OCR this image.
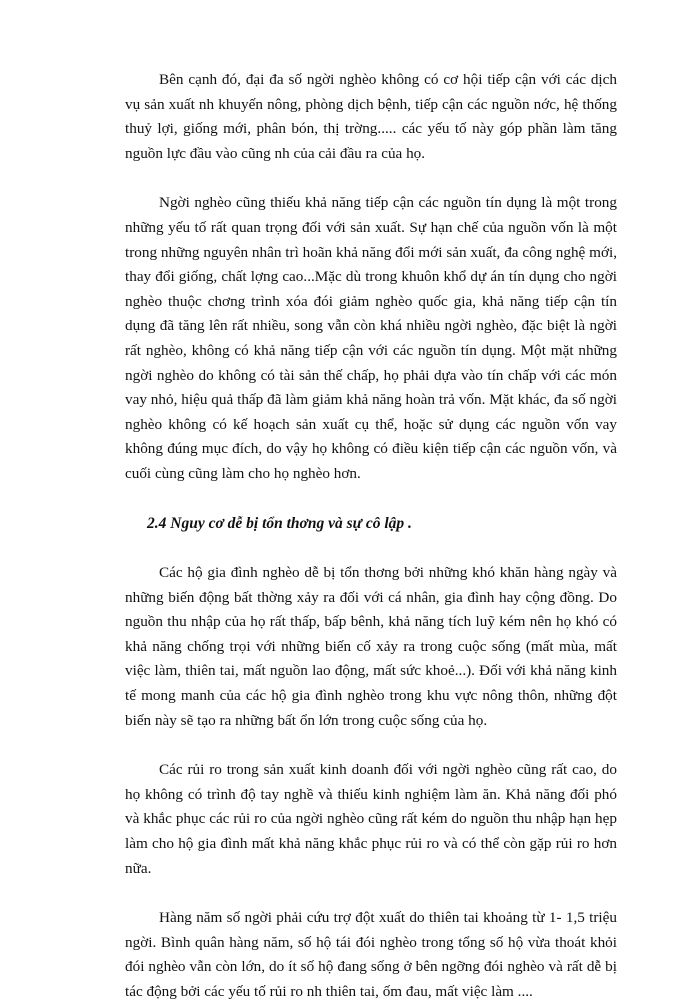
Bên cạnh đó, đại đa số ngời nghèo không có cơ hội tiếp cận với các dịch vụ sản xuất nh khuyến nông, phòng dịch bệnh, tiếp cận các nguồn nớc, hệ thống thuỷ lợi, giống mới, phân bón, thị trờng..... các yếu tố này góp phần làm tăng nguồn lực đầu vào cũng nh của cải đầu ra của họ.

Ngời nghèo cũng thiếu khả năng tiếp cận các nguồn tín dụng là một trong những yếu tố rất quan trọng đối với sản xuất. Sự hạn chế của nguồn vốn là một trong những nguyên nhân trì hoãn khả năng đổi mới sản xuất, đa công nghệ mới, thay đổi giống, chất lợng cao...Mặc dù trong khuôn khổ dự án tín dụng cho ngời nghèo thuộc chơng trình xóa đói giảm nghèo quốc gia, khả năng tiếp cận tín dụng đã tăng lên rất nhiều, song vẫn còn khá nhiều ngời nghèo, đặc biệt là ngời rất nghèo, không có khả năng tiếp cận với các nguồn tín dụng. Một mặt những ngời nghèo do không có tài sản thế chấp, họ phải dựa vào tín chấp với các món vay nhỏ, hiệu quả thấp đã làm giảm khả năng hoàn trả vốn. Mặt khác, đa số ngời nghèo không có kế hoạch sản xuất cụ thể, hoặc sử dụng các nguồn vốn vay không đúng mục đích, do vậy họ không có điều kiện tiếp cận các nguồn vốn, và cuối cùng cũng làm cho họ nghèo hơn.

2.4 Nguy cơ dễ bị tổn thơng và sự cô lập .

Các hộ gia đình nghèo dễ bị tổn thơng bởi những khó khăn hàng ngày và những biến động bất thờng xảy ra đối với cá nhân, gia đình hay cộng đồng. Do nguồn thu nhập của họ rất thấp, bấp bênh, khả năng tích luỹ kém nên họ khó có khả năng chống trọi với những biến cố xảy ra trong cuộc sống (mất mùa, mất việc làm, thiên tai, mất nguồn lao động, mất sức khoẻ...). Đối với khả năng kinh tế mong manh của các hộ gia đình nghèo trong khu vực nông thôn, những đột biến này sẽ tạo ra những bất ổn lớn trong cuộc sống của họ.

Các rủi ro trong sản xuất kinh doanh đối với ngời nghèo cũng rất cao, do họ không có trình độ tay nghề và thiếu kinh nghiệm làm ăn. Khả năng đối phó và khắc phục các rủi ro của ngời nghèo cũng rất kém do nguồn thu nhập hạn hẹp làm cho hộ gia đình mất khả năng khắc phục rủi ro và có thể còn gặp rủi ro hơn nữa.

Hàng năm số ngời phải cứu trợ đột xuất do thiên tai khoảng từ 1- 1,5 triệu ngời. Bình quân hàng năm, số hộ tái đói nghèo trong tổng số hộ vừa thoát khỏi đói nghèo vẫn còn lớn, do ít số hộ đang sống ở bên ngỡng đói nghèo và rất dễ bị tác động bởi các yếu tố rủi ro nh thiên tai, ốm đau, mất việc làm ....
